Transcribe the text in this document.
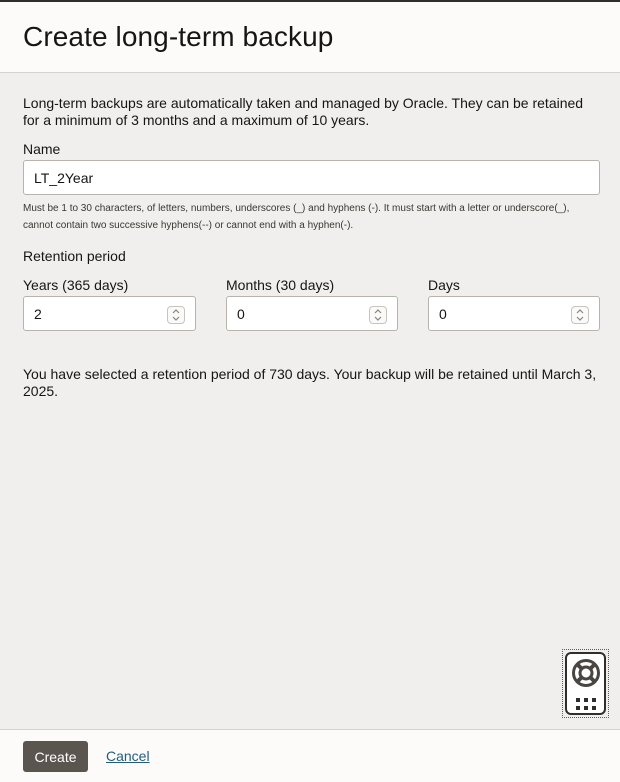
Create long-term backup

Long-term backups are automatically taken and managed by Oracle. They can be retained for a minimum of 3 months and a maximum of 10 years.

Name
LT_2Year

Must be 1 to 30 characters, of letters, numbers, underscores (_) and hyphens (-). It must start with a letter or underscore(_), cannot contain two successive hyphens(--) or cannot end with a hyphen(-).

Retention period
Years (365 days)
2
Months (30 days)
0
Days
0

You have selected a retention period of 730 days. Your backup will be retained until March 3, 2025.

Create	Cancel
